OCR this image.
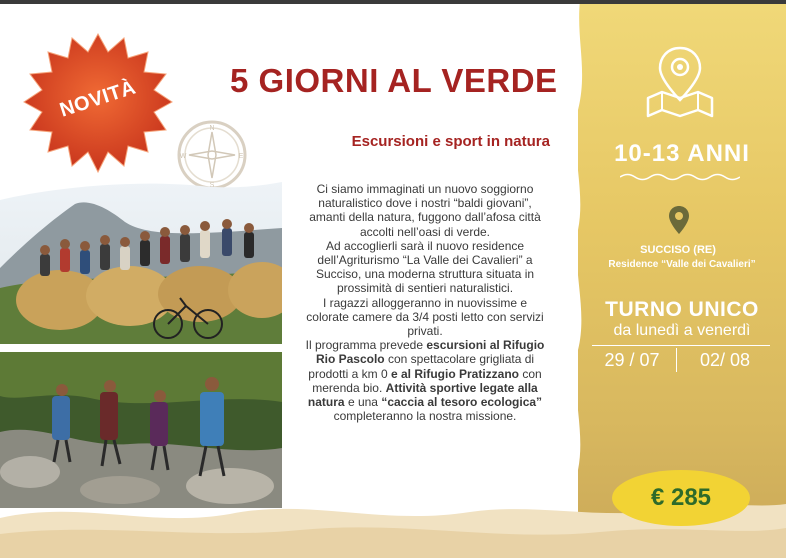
10-13 ANNI
SUCCISO (RE)
Residence “Valle dei Cavalieri”
TURNO UNICO
da lunedì a venerdì
29 / 07	02/ 08
€ 285
NOVITÀ
N
S
E
W
5 GIORNI AL VERDE
Escursioni e sport in natura

Ci siamo immaginati un nuovo soggiorno naturalistico dove i nostri “baldi giovani”, amanti della natura, fuggono dall’afosa città accolti nell’oasi di verde.

Ad accoglierli sarà il nuovo residence dell’Agriturismo “La Valle dei Cavalieri” a Succiso, una moderna struttura situata in prossimità di sentieri naturalistici.

I ragazzi alloggeranno in nuovissime e colorate camere da 3/4 posti letto con servizi privati.

Il programma prevede escursioni al Rifugio Rio Pascolo con spettacolare grigliata di prodotti a km 0 e al Rifugio Pratizzano con merenda bio. Attività sportive legate alla natura e una “caccia al tesoro ecologica” completeranno la nostra missione.
